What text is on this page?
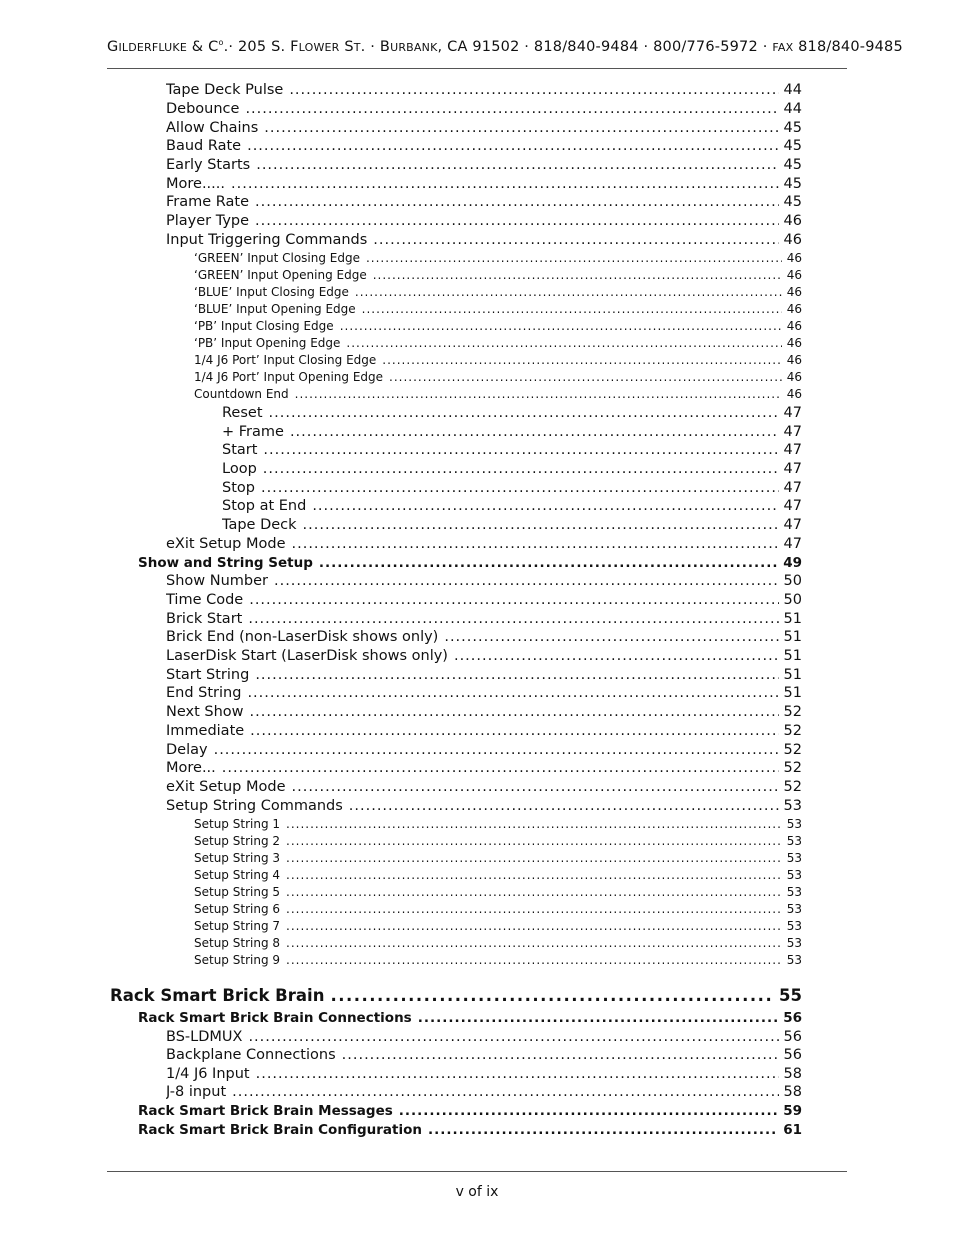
GILDERFLUKE & $C^o.\cdot 205$ S. FLOWER ST. · BURBANK, CA 91502 · 818/840-9484 · 800/776-5972 · FAX 818/840-9485
Tape Deck Pulse .....	44
Debounce .....	44
Allow Chains .....	45
Baud Rate .....	45
Early Starts .....	45
More..... .....	45
Frame Rate .....	45
Player Type .....	46
Input Triggering Commands .....	46
‘GREEN’ Input Closing Edge .....	46
‘GREEN’ Input Opening Edge .....	46
‘BLUE’ Input Closing Edge .....	46
‘BLUE’ Input Opening Edge .....	46
‘PB’ Input Closing Edge .....	46
‘PB’ Input Opening Edge .....	46
1/4 J6 Port’ Input Closing Edge .....	46
1/4 J6 Port’ Input Opening Edge .....	46
Countdown End .....	46
Reset .....	47
+ Frame .....	47
Start .....	47
Loop .....	47
Stop .....	47
Stop at End .....	47
Tape Deck .....	47
eXit Setup Mode .....	47
Show and String Setup .....	49
Show Number .....	50
Time Code .....	50
Brick Start .....	51
Brick End (non-LaserDisk shows only) .....	51
LaserDisk Start (LaserDisk shows only) .....	51
Start String .....	51
End String .....	51
Next Show .....	52
Immediate .....	52
Delay .....	52
More... .....	52
eXit Setup Mode .....	52
Setup String Commands .....	53
Setup String 1 .....	53
Setup String 2 .....	53
Setup String 3 .....	53
Setup String 4 .....	53
Setup String 5 .....	53
Setup String 6 .....	53
Setup String 7 .....	53
Setup String 8 .....	53
Setup String 9 .....	53
Rack Smart Brick Brain .....	55
Rack Smart Brick Brain Connections .....	56
BS-LDMUX .....	56
Backplane Connections .....	56
1/4 J6 Input .....	58
J-8 input .....	58
Rack Smart Brick Brain Messages .....	59
Rack Smart Brick Brain Configuration .....	61
v of ix
